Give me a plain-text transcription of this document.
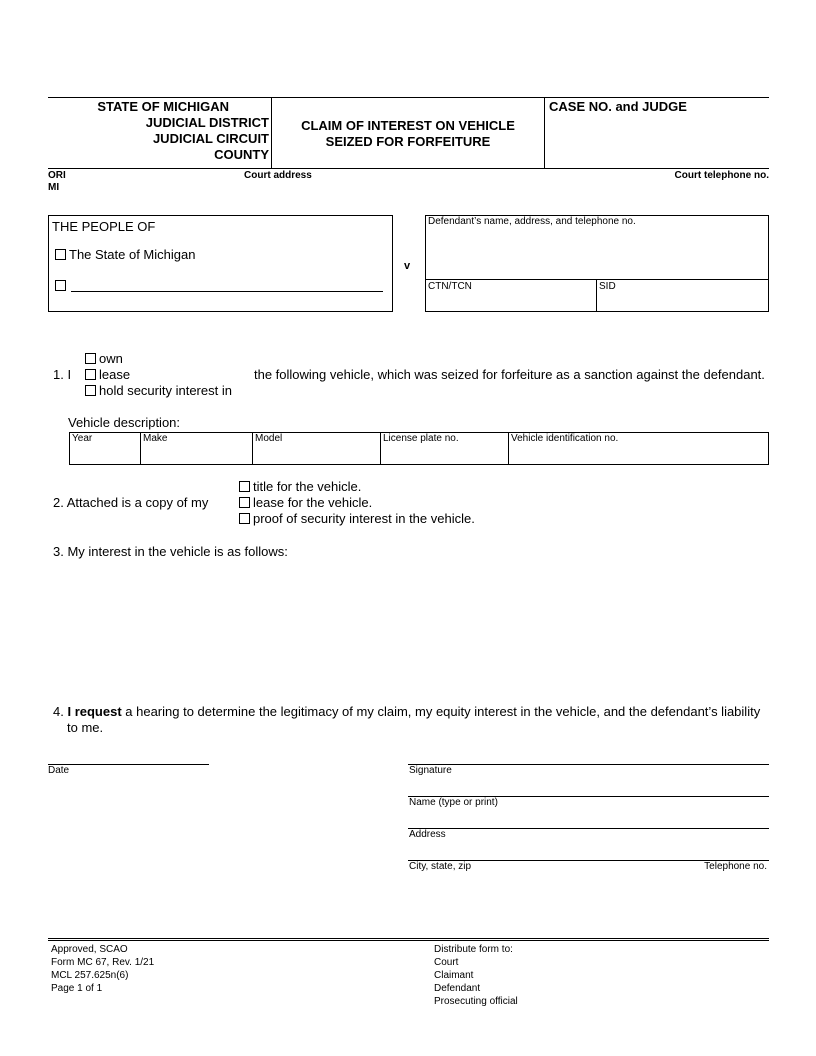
STATE OF MICHIGAN
JUDICIAL DISTRICT
JUDICIAL CIRCUIT
COUNTY
CLAIM OF INTEREST ON VEHICLE
SEIZED FOR FORFEITURE
CASE NO. and JUDGE
ORI
MI
Court address	Court telephone no.
THE PEOPLE OF
The State of Michigan
v
Defendant’s name, address, and telephone no.
CTN/TCN	SID
own
1. I	lease
hold security interest in
the following vehicle, which was seized for forfeiture as a sanction against the defendant.
Vehicle description:
Year	Make	Model	License plate no.	Vehicle identification no.
title for the vehicle.
2. Attached is a copy of my	lease for the vehicle.
proof of security interest in the vehicle.
3. My interest in the vehicle is as follows:
4. I request a hearing to determine the legitimacy of my claim, my equity interest in the vehicle, and the defendant’s liability
to me.
Date	Signature
Name (type or print)
Address
City, state, zip	Telephone no.
Approved, SCAO
Form MC 67, Rev. 1/21
MCL 257.625n(6)
Page 1 of 1
Distribute form to:
Court
Claimant
Defendant
Prosecuting official
